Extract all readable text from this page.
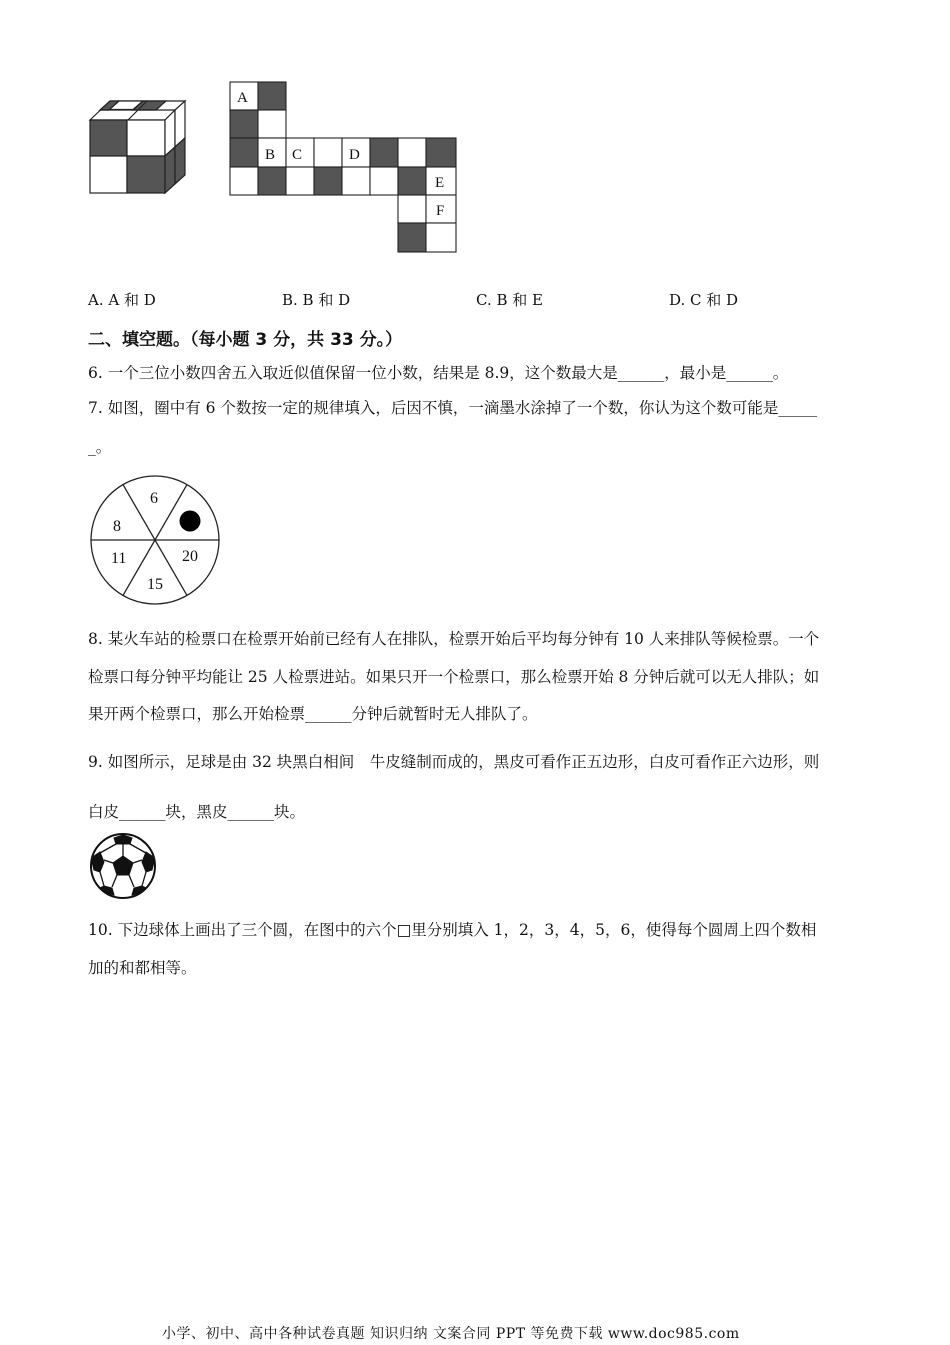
A
B C	D
E
F
A. A 和 D	B. B 和 D	C. B 和 E	D. C 和 D
二、填空题。（每小题 3 分，共 33 分。）
6. 一个三位小数四舍五入取近似值保留一位小数，结果是 8.9，这个数最大是______，最小是______。
7. 如图，圈中有 6 个数按一定的规律填入，后因不慎，一滴墨水涂掉了一个数，你认为这个数可能是_____
_。
6
8
11
15
20
8. 某火车站的检票口在检票开始前已经有人在排队，检票开始后平均每分钟有 10 人来排队等候检票。一个
检票口每分钟平均能让 25 人检票进站。如果只开一个检票口，那么检票开始 8 分钟后就可以无人排队；如
果开两个检票口，那么开始检票______分钟后就暂时无人排队了。
9. 如图所示，足球是由 32 块黑白相间　牛皮缝制而成的，黑皮可看作正五边形，白皮可看作正六边形，则
白皮______块，黑皮______块。
10. 下边球体上画出了三个圆，在图中的六个□里分别填入 1，2，3，4，5，6，使得每个圆周上四个数相
加的和都相等。
小学、初中、高中各种试卷真题 知识归纳 文案合同 PPT 等免费下载 www.doc985.com
